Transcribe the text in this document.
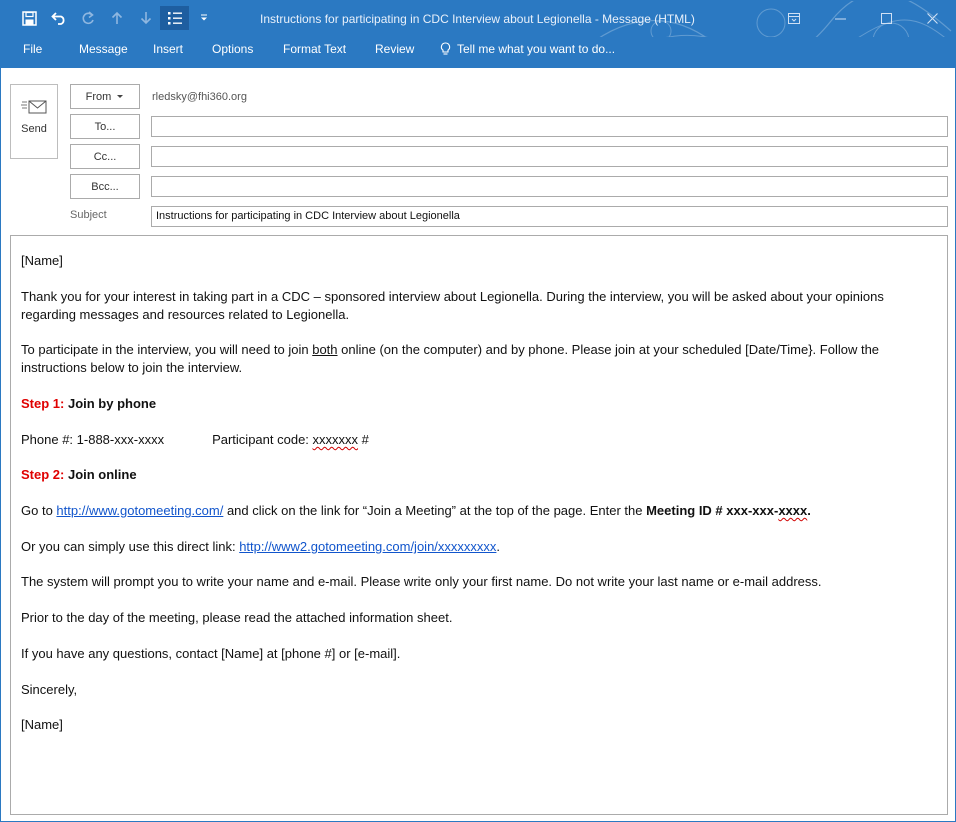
Instructions for participating in CDC Interview about Legionella - Message (HTML)
File	Message Insert Options Format Text Review	Tell me what you want to do...
Send
From	rledsky@fhi360.org
To...
Cc...
Bcc...
Subject	Instructions for participating in CDC Interview about Legionella
[Name]
Thank you for your interest in taking part in a CDC – sponsored interview about Legionella. During the interview, you will be asked about your opinions regarding messages and resources related to Legionella.
To participate in the interview, you will need to join both online (on the computer) and by phone. Please join at your scheduled [Date/Time}. Follow the instructions below to join the interview.
Step 1: Join by phone
Phone #: 1-888-xxx-xxxx	Participant code: xxxxxxx #
Step 2: Join online
Go to http://www.gotomeeting.com/ and click on the link for “Join a Meeting” at the top of the page. Enter the Meeting ID # xxx-xxx-xxxx.
Or you can simply use this direct link: http://www2.gotomeeting.com/join/xxxxxxxxx.
The system will prompt you to write your name and e-mail. Please write only your first name. Do not write your last name or e-mail address.
Prior to the day of the meeting, please read the attached information sheet.
If you have any questions, contact [Name] at [phone #] or [e-mail].
Sincerely,
[Name]
